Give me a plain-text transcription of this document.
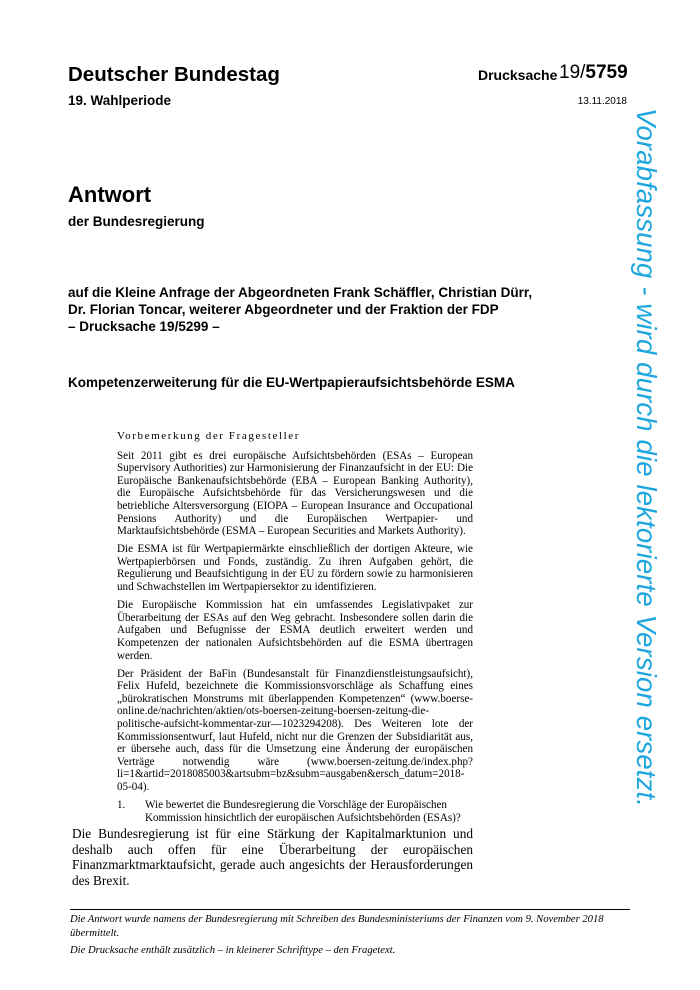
Deutscher Bundestag
19. Wahlperiode
Drucksache 19/5759
13.11.2018
Antwort
der Bundesregierung
auf die Kleine Anfrage der Abgeordneten Frank Schäffler, Christian Dürr,
Dr. Florian Toncar, weiterer Abgeordneter und der Fraktion der FDP
– Drucksache 19/5299 –
Kompetenzerweiterung für die EU-Wertpapieraufsichtsbehörde ESMA
Vorbemerkung der Fragesteller

Seit 2011 gibt es drei europäische Aufsichtsbehörden (ESAs – European Supervisory Authorities) zur Harmonisierung der Finanzaufsicht in der EU: Die Europäische Bankenaufsichtsbehörde (EBA – European Banking Authority), die Europäische Aufsichtsbehörde für das Versicherungswesen und die betriebliche Altersversorgung (EIOPA – European Insurance and Occupational Pensions Authority) und die Europäischen Wertpapier- und Marktaufsichtsbehörde (ESMA – European Securities and Markets Authority).

Die ESMA ist für Wertpapiermärkte einschließlich der dortigen Akteure, wie Wertpapierbörsen und Fonds, zuständig. Zu ihren Aufgaben gehört, die Regulierung und Beaufsichtigung in der EU zu fördern sowie zu harmonisieren und Schwachstellen im Wertpapiersektor zu identifizieren.

Die Europäische Kommission hat ein umfassendes Legislativpaket zur Überarbeitung der ESAs auf den Weg gebracht. Insbesondere sollen darin die Aufgaben und Befugnisse der ESMA deutlich erweitert werden und Kompetenzen der nationalen Aufsichtsbehörden auf die ESMA übertragen werden.

Der Präsident der BaFin (Bundesanstalt für Finanzdienstleistungsaufsicht), Felix Hufeld, bezeichnete die Kommissionsvorschläge als Schaffung eines „bürokratischen Monstrums mit überlappenden Kompetenzen“ (www.boerse-online.de/nachrichten/aktien/ots-boersen-zeitung-boersen-zeitung-die-politische-aufsicht-kommentar-zur—1023294208). Des Weiteren lote der Kommissionsentwurf, laut Hufeld, nicht nur die Grenzen der Subsidiarität aus, er übersehe auch, dass für die Umsetzung eine Änderung der europäischen Verträge notwendig wäre (www.boersen-zeitung.de/index.php?li=1&artid=2018085003&artsubm=bz&subm=ausgaben&ersch_datum=2018-05-04).

1. Wie bewertet die Bundesregierung die Vorschläge der Europäischen Kommission hinsichtlich der europäischen Aufsichtsbehörden (ESAs)?
Die Bundesregierung ist für eine Stärkung der Kapitalmarktunion und deshalb auch offen für eine Überarbeitung der europäischen Finanzmarktmarktaufsicht, gerade auch angesichts der Herausforderungen des Brexit.
Die Antwort wurde namens der Bundesregierung mit Schreiben des Bundesministeriums der Finanzen vom 9. November 2018 übermittelt.
Die Drucksache enthält zusätzlich – in kleinerer Schrifttype – den Fragetext.
Vorabfassung - wird durch die lektorierte Version ersetzt.
